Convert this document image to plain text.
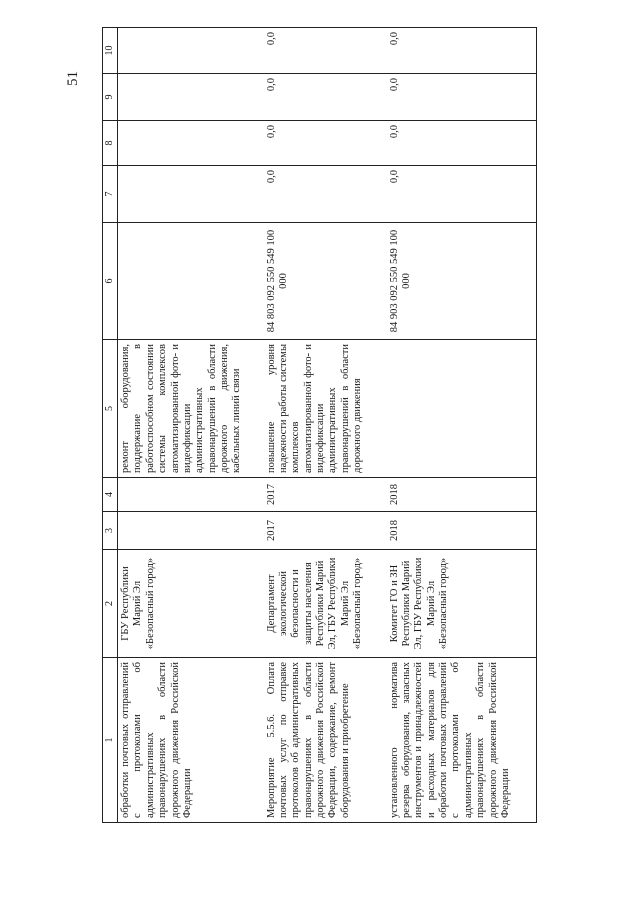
51
1	2	3	4	5	6	7	8	9	10
обработки почтовых отправлений с протоколами об административных правонарушениях в области дорожного движения Российской Федерации	ГБУ Республики Марий Эл «Безопасный город»			ремонт оборудования, поддержание в работоспособном состоянии системы комплексов автоматизированной фото- и видеофиксации административных правонарушений в области дорожного движения, кабельных линий связи					
Мероприятие 5.5.6. Оплата почтовых услуг по отправке протоколов об административных правонарушениях в области дорожного движения Российской Федерации, содержание, ремонт оборудования и приобретение	Департамент экологической безопасности и защиты населения Республики Марий Эл, ГБУ Республики Марий Эл «Безопасный город»	2017	2017	повышение уровня надежности работы системы комплексов автоматизированной фото- и видеофиксации административных правонарушений в области дорожного движения	84 803 092 550 549 100 000	0,0	0,0	0,0	0,0
установленного норматива резерва оборудования, запасных инструментов и принадлежностей и расходных материалов для обработки почтовых отправлений с протоколами об административных правонарушениях в области дорожного движения Российской Федерации	Комитет ГО и ЗН Республики Марий Эл, ГБУ Республики Марий Эл «Безопасный город»	2018	2018		84 903 092 550 549 100 000	0,0	0,0	0,0	0,0
